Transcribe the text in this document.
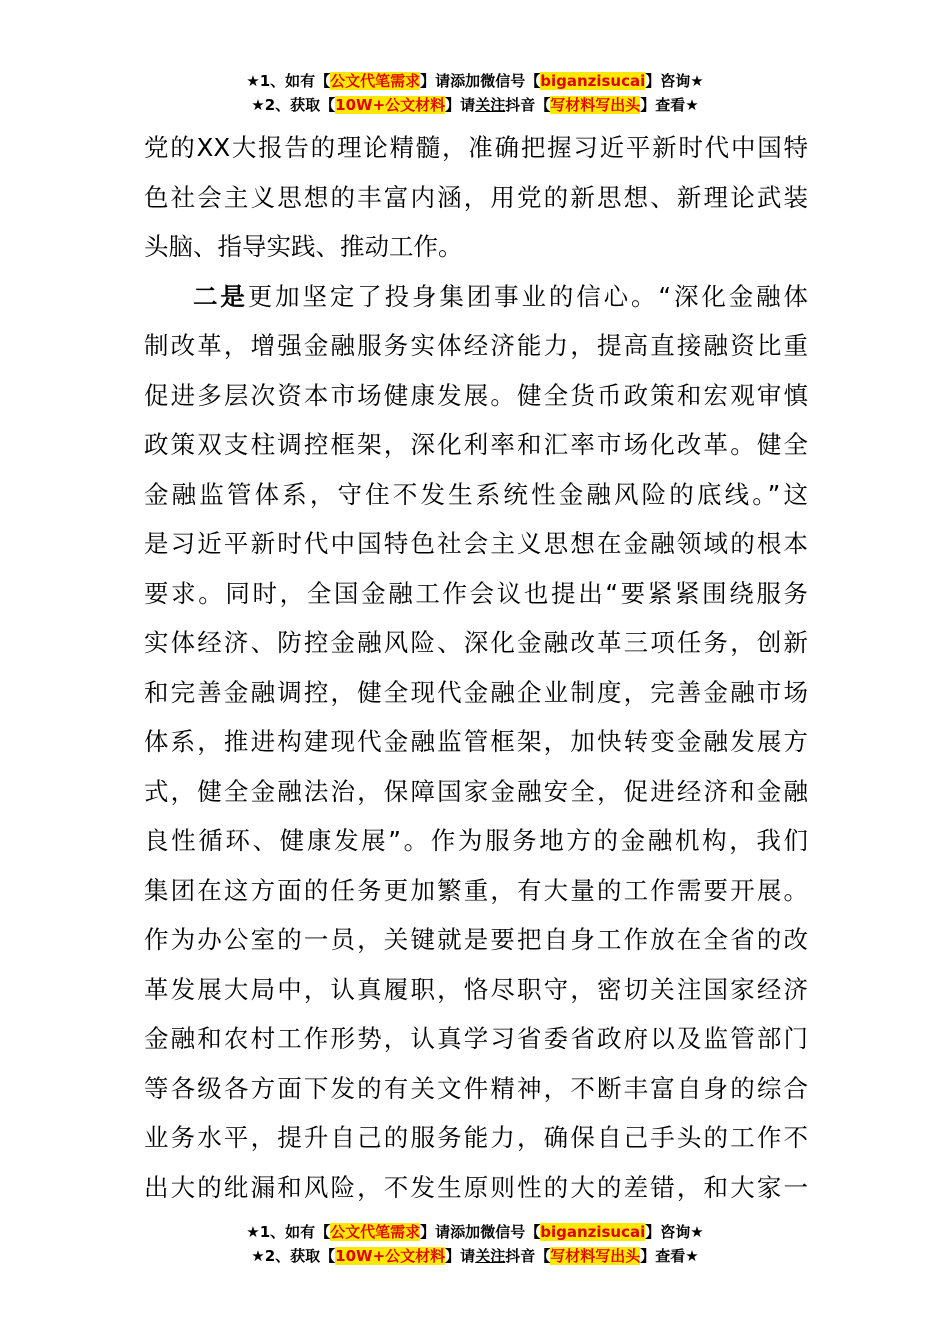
★1、如有【公文代笔需求】请添加微信号【biganzisucai】咨询★
★2、获取【10W+公文材料】请关注抖音【写材料写出头】查看★
党的XX大报告的理论精髓，准确把握习近平新时代中国特
色社会主义思想的丰富内涵，用党的新思想、新理论武装
头脑、指导实践、推动工作。
二是更加坚定了投身集团事业的信心。“深化金融体
制改革，增强金融服务实体经济能力，提高直接融资比重
促进多层次资本市场健康发展。健全货币政策和宏观审慎
政策双支柱调控框架，深化利率和汇率市场化改革。健全
金融监管体系，守住不发生系统性金融风险的底线。”这
是习近平新时代中国特色社会主义思想在金融领域的根本
要求。同时，全国金融工作会议也提出“要紧紧围绕服务
实体经济、防控金融风险、深化金融改革三项任务，创新
和完善金融调控，健全现代金融企业制度，完善金融市场
体系，推进构建现代金融监管框架，加快转变金融发展方
式，健全金融法治，保障国家金融安全，促进经济和金融
良性循环、健康发展”。作为服务地方的金融机构，我们
集团在这方面的任务更加繁重，有大量的工作需要开展。
作为办公室的一员，关键就是要把自身工作放在全省的改
革发展大局中，认真履职，恪尽职守，密切关注国家经济
金融和农村工作形势，认真学习省委省政府以及监管部门
等各级各方面下发的有关文件精神，不断丰富自身的综合
业务水平，提升自己的服务能力，确保自己手头的工作不
出大的纰漏和风险，不发生原则性的大的差错，和大家一
★1、如有【公文代笔需求】请添加微信号【biganzisucai】咨询★
★2、获取【10W+公文材料】请关注抖音【写材料写出头】查看★
